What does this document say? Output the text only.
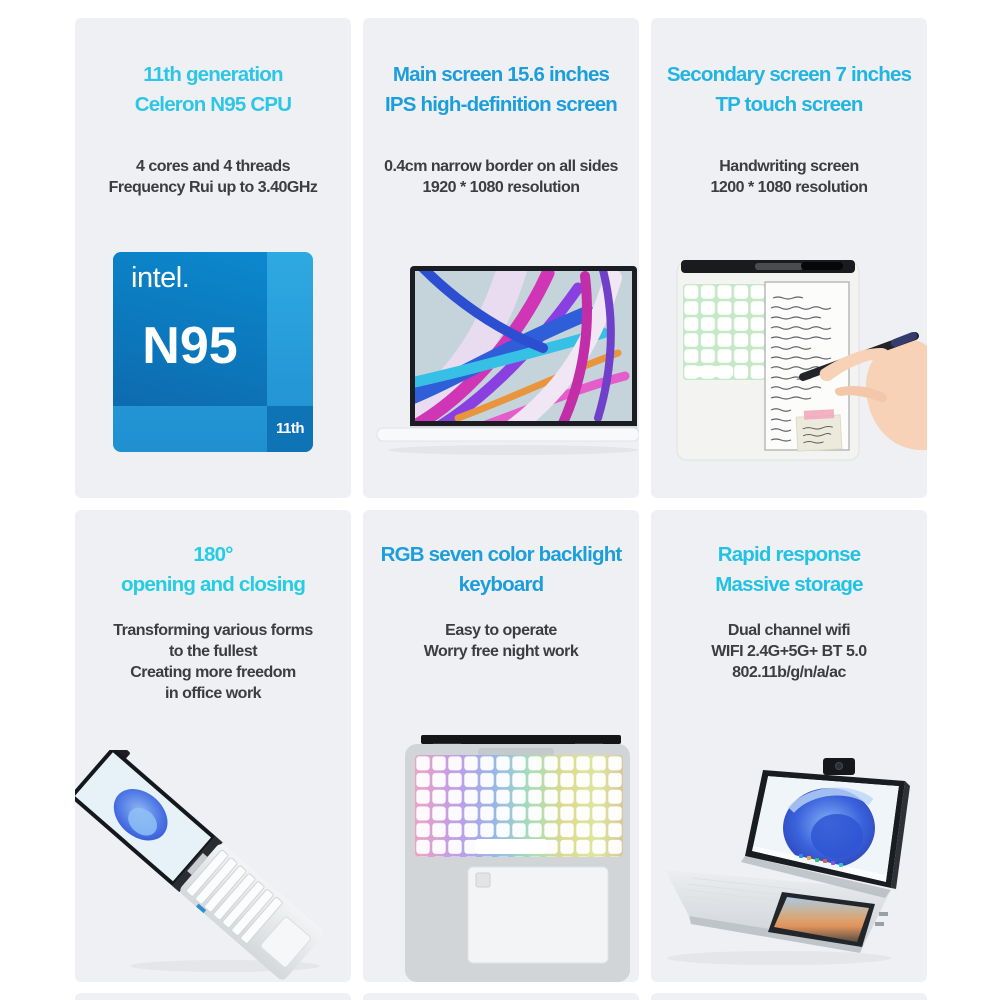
11th generation
Celeron N95 CPU
4 cores and 4 threads
Frequency Rui up to 3.40GHz
intel.
N95
11th
Main screen 15.6 inches
IPS high-definition screen
0.4cm narrow border on all sides
1920 * 1080 resolution
Secondary screen 7 inches
TP touch screen
Handwriting screen
1200 * 1080 resolution
180°
opening and closing
Transforming various forms
to the fullest
Creating more freedom
in office work
RGB seven color backlight
keyboard
Easy to operate
Worry free night work
Rapid response
Massive storage
Dual channel wifi
WIFI 2.4G+5G+ BT 5.0
802.11b/g/n/a/ac
